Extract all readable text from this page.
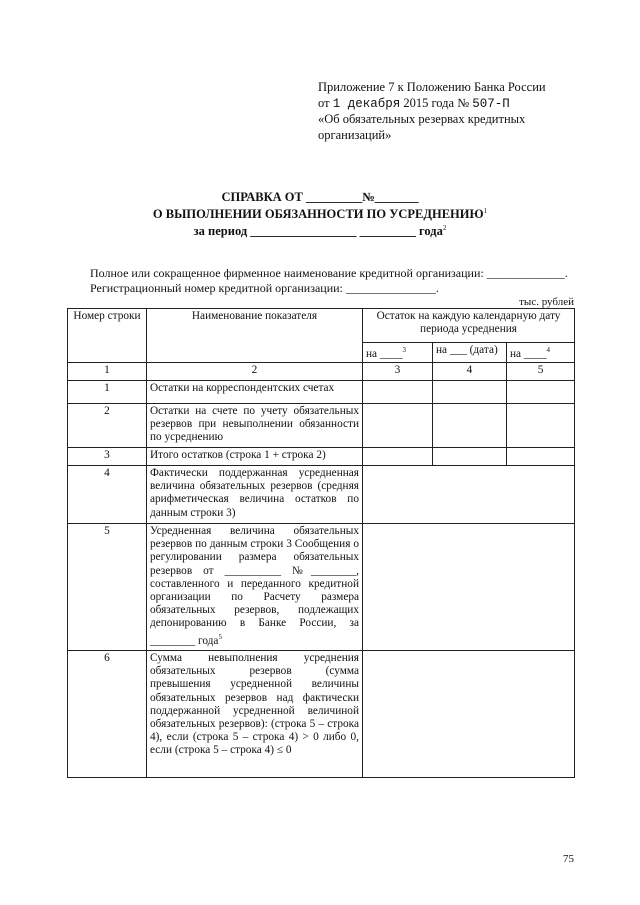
Приложение 7 к Положению Банка России
от 1 декабря 2015 года № 507-П
«Об обязательных резервах кредитных
организаций»
СПРАВКА ОТ _________№_______
О ВЫПОЛНЕНИИ ОБЯЗАННОСТИ ПО УСРЕДНЕНИЮ$^1$
за период _________________ _________ года$^2$
Полное или сокращенное фирменное наименование кредитной организации: _____________.
Регистрационный номер кредитной организации: _______________.
тыс. рублей
Номер строки	Наименование показателя	Остаток на каждую календарную дату периода усреднения		
		на ____$^3$	на ___ (дата)	на ____$^4$
1	2	3	4	5
1	Остатки на корреспондентских счетах			
2	Остатки на счете по учету обязательных резервов при невыполнении обязанности по усреднению			
3	Итого остатков (строка 1 + строка 2)			
4	Фактически поддержанная усредненная величина обязательных резервов (средняя арифметическая величина остатков по данным строки 3)			
5	Усредненная величина обязательных резервов по данным строки 3 Сообщения о регулировании размера обязательных резервов от __________ №________, составленного и переданного кредитной организации по Расчету размера обязательных резервов, подлежащих депонированию в Банке России, за ________ года$^5$	
6	Сумма невыполнения усреднения обязательных резервов (сумма превышения усредненной величины обязательных резервов над фактически поддержанной усредненной величиной обязательных резервов): (строка 5 – строка 4), если (строка 5 – строка 4) > 0 либо 0, если (строка 5 – строка 4) ≤ 0			
75
